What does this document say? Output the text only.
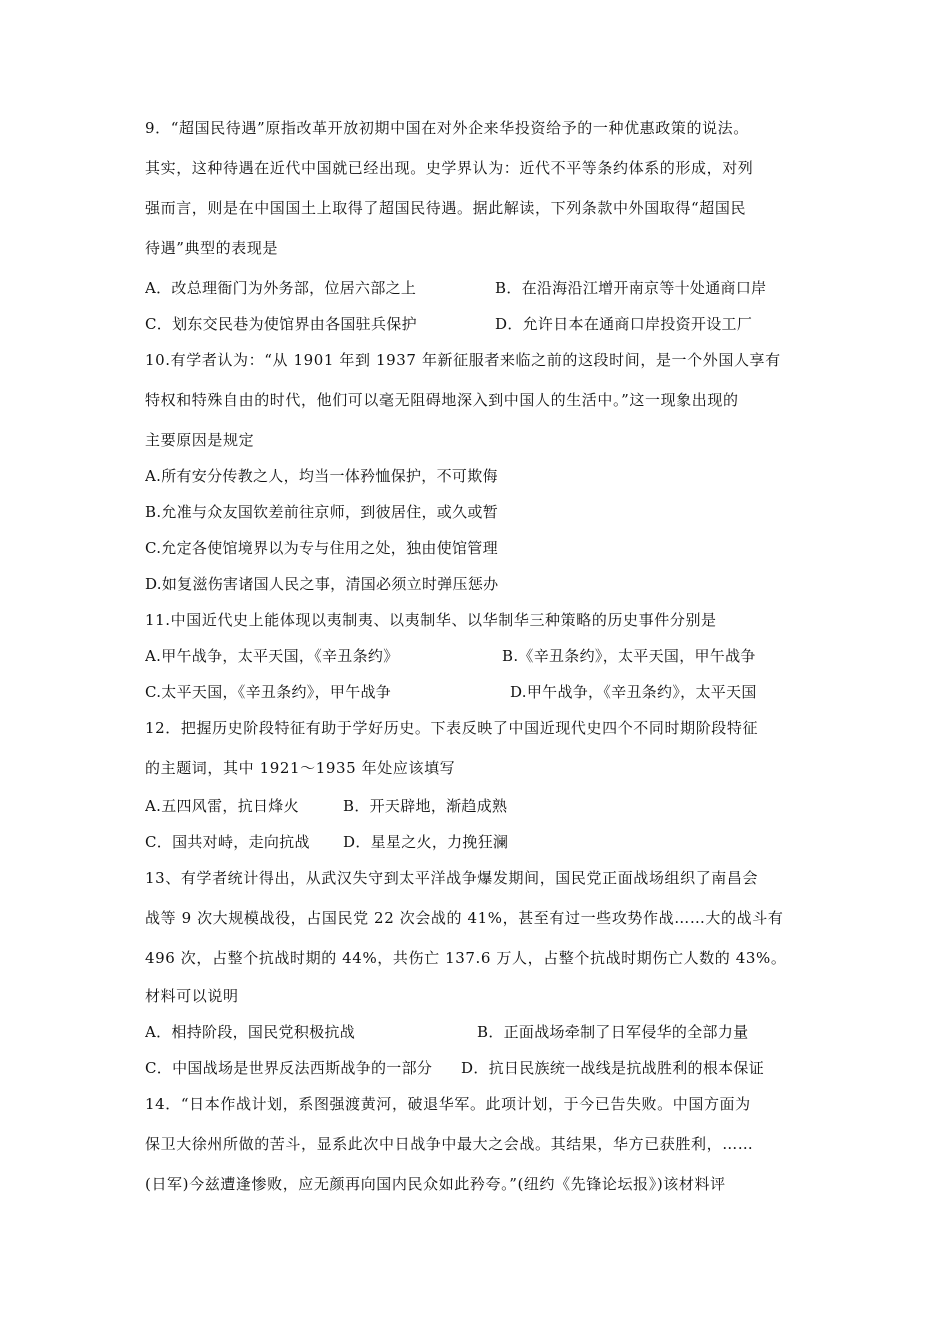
9．“超国民待遇”原指改革开放初期中国在对外企来华投资给予的一种优惠政策的说法。
其实，这种待遇在近代中国就已经出现。史学界认为：近代不平等条约体系的形成，对列
强而言，则是在中国国土上取得了超国民待遇。据此解读，下列条款中外国取得“超国民
待遇”典型的表现是
A．改总理衙门为外务部，位居六部之上	B．在沿海沿江增开南京等十处通商口岸
C．划东交民巷为使馆界由各国驻兵保护	D．允许日本在通商口岸投资开设工厂
10.有学者认为：“从 1901 年到 1937 年新征服者来临之前的这段时间，是一个外国人享有
特权和特殊自由的时代，他们可以毫无阻碍地深入到中国人的生活中。”这一现象出现的
主要原因是规定
A.所有安分传教之人，均当一体矜恤保护，不可欺侮
B.允准与众友国钦差前往京师，到彼居住，或久或暂
C.允定各使馆境界以为专与住用之处，独由使馆管理
D.如复滋伤害诸国人民之事，清国必须立时弹压惩办
11.中国近代史上能体现以夷制夷、以夷制华、以华制华三种策略的历史事件分别是
A.甲午战争，太平天国，《辛丑条约》	B.《辛丑条约》，太平天国，甲午战争
C.太平天国，《辛丑条约》，甲午战争	D.甲午战争，《辛丑条约》，太平天国
12．把握历史阶段特征有助于学好历史。下表反映了中国近现代史四个不同时期阶段特征
的主题词，其中 1921～1935 年处应该填写
A.五四风雷，抗日烽火	B．开天辟地，渐趋成熟
C．国共对峙，走向抗战 D．星星之火，力挽狂澜
13、有学者统计得出，从武汉失守到太平洋战争爆发期间，国民党正面战场组织了南昌会
战等 9 次大规模战役，占国民党 22 次会战的 41%，甚至有过一些攻势作战……大的战斗有
496 次，占整个抗战时期的 44%，共伤亡 137.6 万人，占整个抗战时期伤亡人数的 43%。
材料可以说明
A．相持阶段，国民党积极抗战	B．正面战场牵制了日军侵华的全部力量
C．中国战场是世界反法西斯战争的一部分 D．抗日民族统一战线是抗战胜利的根本保证
14．“日本作战计划，系图强渡黄河，破退华军。此项计划，于今已告失败。中国方面为
保卫大徐州所做的苦斗，显系此次中日战争中最大之会战。其结果，华方已获胜利，……
(日军)今兹遭逢惨败，应无颜再向国内民众如此矜夸。”(纽约《先锋论坛报》)该材料评
